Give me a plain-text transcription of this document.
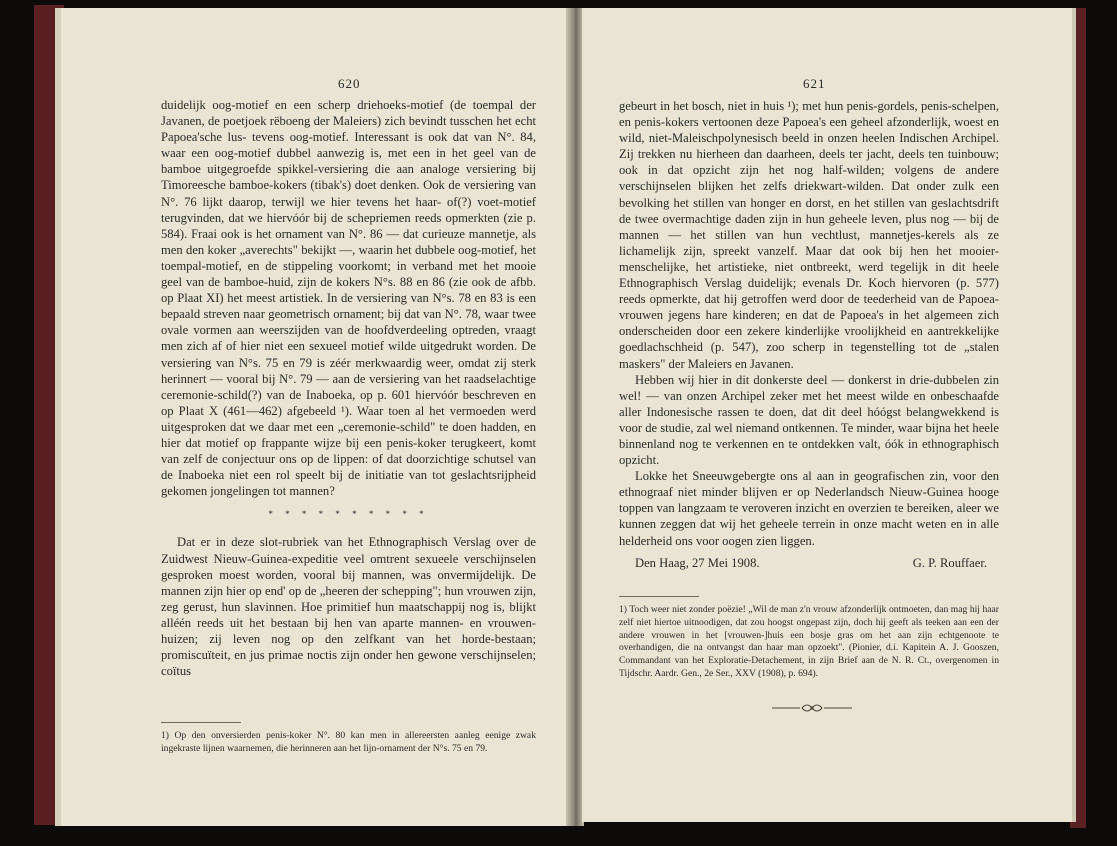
620

duidelijk oog-motief en een scherp driehoeks-motief (de toempal der Javanen, de poetjoek rëboeng der Maleiers) zich bevindt tusschen het echt Papoea'sche lus- tevens oog-motief. Interessant is ook dat van N°. 84, waar een oog-motief dubbel aanwezig is, met een in het geel van de bamboe uitgegroefde spikkel-versiering die aan analoge versiering bij Timoreesche bamboe-kokers (tibak's) doet denken. Ook de versiering van N°. 76 lijkt daarop, terwijl we hier tevens het haar- of(?) voet-motief terugvinden, dat we hiervóór bij de schepriemen reeds opmerkten (zie p. 584). Fraai ook is het ornament van N°. 86 — dat curieuze mannetje, als men den koker „averechts" bekijkt —, waarin het dubbele oog-motief, het toempal-motief, en de stippeling voorkomt; in verband met het mooie geel van de bamboe-huid, zijn de kokers N°s. 88 en 86 (zie ook de afbb. op Plaat XI) het meest artistiek. In de versiering van N°s. 78 en 83 is een bepaald streven naar geometrisch ornament; bij dat van N°. 78, waar twee ovale vormen aan weerszijden van de hoofdverdeeling optreden, vraagt men zich af of hier niet een sexueel motief wilde uitgedrukt worden. De versiering van N°s. 75 en 79 is zéér merkwaardig weer, omdat zij sterk herinnert — vooral bij N°. 79 — aan de versiering van het raadselachtige ceremonie-schild(?) van de Inaboeka, op p. 601 hiervóór beschreven en op Plaat X (461—462) afgebeeld ¹). Waar toen al het vermoeden werd uitgesproken dat we daar met een „ceremonie-schild" te doen hadden, en hier dat motief op frappante wijze bij een penis-koker terugkeert, komt van zelf de conjectuur ons op de lippen: of dat doorzichtige schutsel van de Inaboeka niet een rol speelt bij de initiatie van tot geslachtsrijpheid gekomen jongelingen tot mannen?

* * * * * * * * * *

Dat er in deze slot-rubriek van het Ethnographisch Verslag over de Zuidwest Nieuw-Guinea-expeditie veel omtrent sexueele verschijnselen gesproken moest worden, vooral bij mannen, was onvermijdelijk. De mannen zijn hier op end' op de „heeren der schepping"; hun vrouwen zijn, zeg gerust, hun slavinnen. Hoe primitief hun maatschappij nog is, blijkt alléén reeds uit het bestaan bij hen van aparte mannen- en vrouwen-huizen; zij leven nog op den zelfkant van het horde-bestaan; promiscuïteit, en jus primae noctis zijn onder hen gewone verschijnselen; coïtus

1) Op den onversierden penis-koker N°. 80 kan men in allereersten aanleg eenige zwak ingekraste lijnen waarnemen, die herinneren aan het lijn-ornament der N°s. 75 en 79.
621

gebeurt in het bosch, niet in huis ¹); met hun penis-gordels, penis-schelpen, en penis-kokers vertoonen deze Papoea's een geheel afzonderlijk, woest en wild, niet-Maleischpolynesisch beeld in onzen heelen Indischen Archipel. Zij trekken nu hierheen dan daarheen, deels ter jacht, deels ten tuinbouw; ook in dat opzicht zijn het nog half-wilden; volgens de andere verschijnselen blijken het zelfs driekwart-wilden. Dat onder zulk een bevolking het stillen van honger en dorst, en het stillen van geslachtsdrift de twee overmachtige daden zijn in hun geheele leven, plus nog — bij de mannen — het stillen van hun vechtlust, mannetjes-kerels als ze lichamelijk zijn, spreekt vanzelf. Maar dat ook bij hen het mooier-menschelijke, het artistieke, niet ontbreekt, werd tegelijk in dit heele Ethnographisch Verslag duidelijk; evenals Dr. Koch hiervoren (p. 577) reeds opmerkte, dat hij getroffen werd door de teederheid van de Papoea-vrouwen jegens hare kinderen; en dat de Papoea's in het algemeen zich onderscheiden door een zekere kinderlijke vroolijkheid en aantrekkelijke goedlachschheid (p. 547), zoo scherp in tegenstelling tot de „stalen maskers" der Maleiers en Javanen.

Hebben wij hier in dit donkerste deel — donkerst in drie-dubbelen zin wel! — van onzen Archipel zeker met het meest wilde en onbeschaafde aller Indonesische rassen te doen, dat dit deel hóógst belangwekkend is voor de studie, zal wel niemand ontkennen. Te minder, waar bijna het heele binnenland nog te verkennen en te ontdekken valt, óók in ethnographisch opzicht.

Lokke het Sneeuwgebergte ons al aan in geografischen zin, voor den ethnograaf niet minder blijven er op Nederlandsch Nieuw-Guinea hooge toppen van langzaam te veroveren inzicht en overzien te bereiken, aleer we kunnen zeggen dat wij het geheele terrein in onze macht weten en in alle helderheid ons voor oogen zien liggen.

Den Haag, 27 Mei 1908.	G. P. Rouffaer.
1) Toch weer niet zonder poëzie! „Wil de man z'n vrouw afzonderlijk ontmoeten, dan mag hij haar zelf niet hiertoe uitnoodigen, dat zou hoogst ongepast zijn, doch hij geeft als teeken aan een der andere vrouwen in het [vrouwen-]huis een bosje gras om het aan zijn echtgenoote te overhandigen, die na ontvangst dan haar man opzoekt". (Pionier, d.i. Kapitein A. J. Gooszen, Commandant van het Exploratie-Detachement, in zijn Brief aan de N. R. Ct., overgenomen in Tijdschr. Aardr. Gen., 2e Ser., XXV (1908), p. 694).
